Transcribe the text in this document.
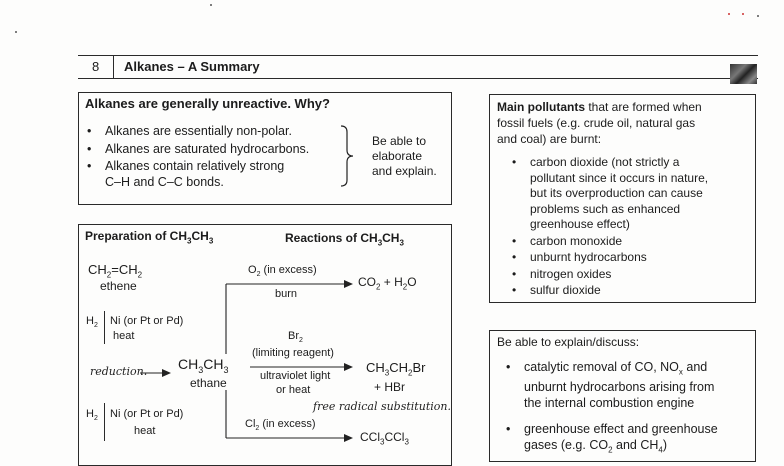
8 Alkanes – A Summary
Alkanes are generally unreactive. Why?
• Alkanes are essentially non-polar.
• Alkanes are saturated hydrocarbons.
• Alkanes contain relatively strong
C–H and C–C bonds.
Be able to
elaborate
and explain.
Main pollutants that are formed when
fossil fuels (e.g. crude oil, natural gas
and coal) are burnt:
• carbon dioxide (not strictly a
pollutant since it occurs in nature,
but its overproduction can cause
problems such as enhanced
greenhouse effect)
• carbon monoxide
• unburnt hydrocarbons
• nitrogen oxides
• sulfur dioxide
Be able to explain/discuss:
• catalytic removal of CO, $NO_x$ and
unburnt hydrocarbons arising from
the internal combustion engine
• greenhouse effect and greenhouse
gases (e.g. $CO_2$ and $CH_4$)
Preparation of $CH_3CH_3$	Reactions of $CH_3CH_3$
$CH_2=CH_2$
ethene
$H_2$ Ni (or Pt or Pd)
heat
reduction. $CH_3CH_3$
ethane
$H_2$ Ni (or Pt or Pd)
heat
$O_2$ (in excess)
burn
$CO_2 + H_2O$
$Br_2$
(limiting reagent)
ultraviolet light
or heat
$CH_3CH_2Br$
+ HBr
free radical substitution.
$Cl_2$ (in excess)
CCl$_3$CCl$_3$
